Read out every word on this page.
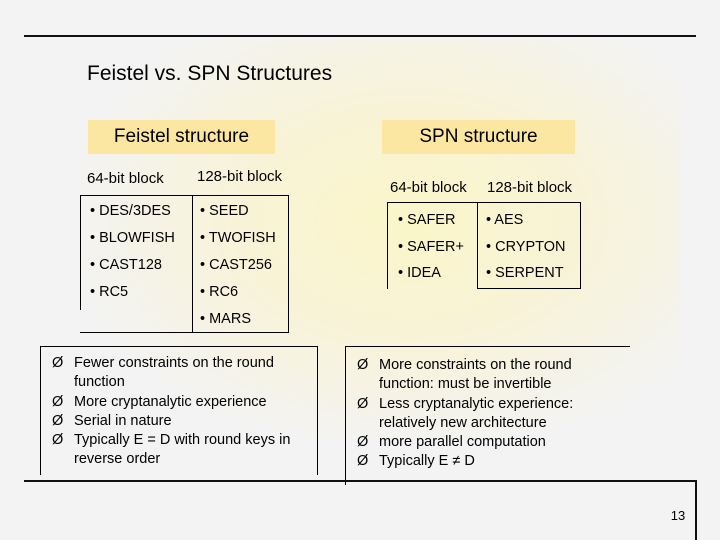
Feistel vs. SPN Structures
Feistel structure
64-bit block 128-bit block
• DES/3DES
• BLOWFISH
• CAST128
• RC5
• SEED
• TWOFISH
• CAST256
• RC6
• MARS
SPN structure
64-bit block 128-bit block
• SAFER
• SAFER+
• IDEA
• AES
• CRYPTON
• SERPENT
Ø Fewer constraints on the round function
Ø More cryptanalytic experience
Ø Serial in nature
Ø Typically E = D with round keys in reverse order
Ø More constraints on the round function: must be invertible
Ø Less cryptanalytic experience: relatively new architecture
Ø more parallel computation
Ø Typically E ≠ D
13
